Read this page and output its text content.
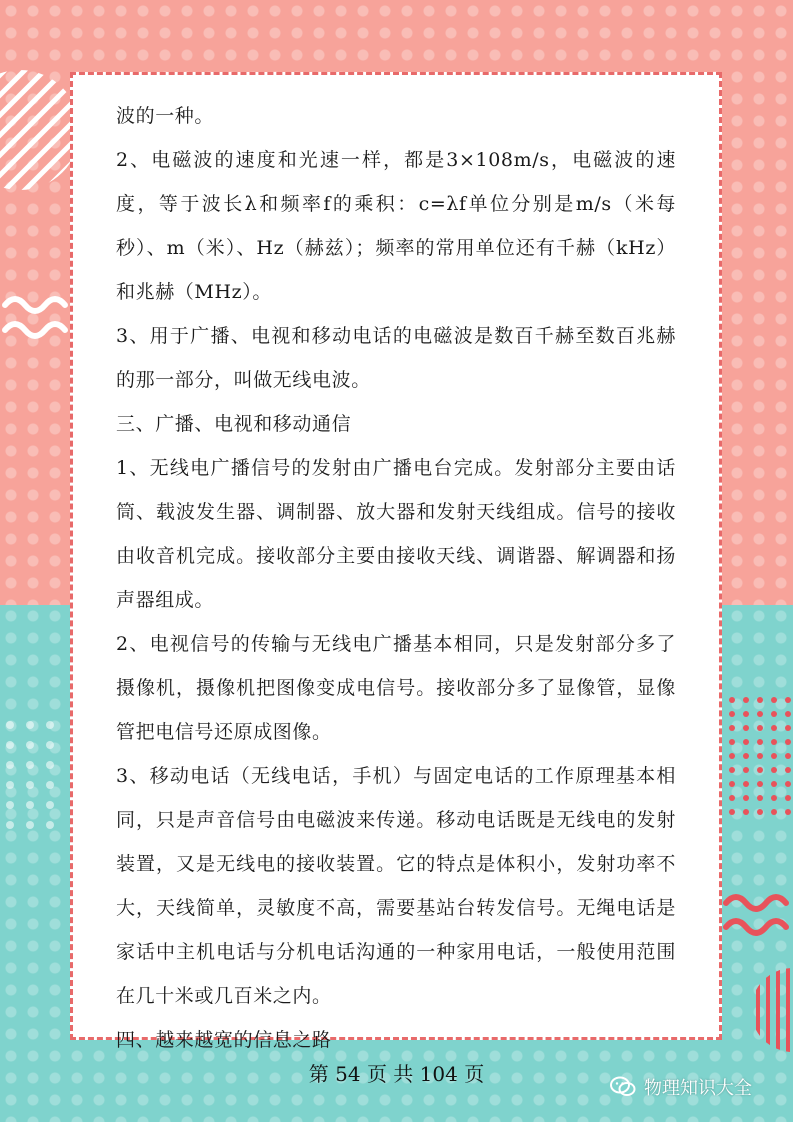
波的一种。

2、电磁波的速度和光速一样，都是3×108m/s，电磁波的速度，等于波长λ和频率f的乘积：c=λf单位分别是m/s（米每秒）、m（米）、Hz（赫兹）；频率的常用单位还有千赫（kHz）和兆赫（MHz）。

3、用于广播、电视和移动电话的电磁波是数百千赫至数百兆赫的那一部分，叫做无线电波。

三、广播、电视和移动通信

1、无线电广播信号的发射由广播电台完成。发射部分主要由话筒、载波发生器、调制器、放大器和发射天线组成。信号的接收由收音机完成。接收部分主要由接收天线、调谐器、解调器和扬声器组成。

2、电视信号的传输与无线电广播基本相同，只是发射部分多了摄像机，摄像机把图像变成电信号。接收部分多了显像管，显像管把电信号还原成图像。

3、移动电话（无线电话，手机）与固定电话的工作原理基本相同，只是声音信号由电磁波来传递。移动电话既是无线电的发射装置，又是无线电的接收装置。它的特点是体积小，发射功率不大，天线简单，灵敏度不高，需要基站台转发信号。无绳电话是家话中主机电话与分机电话沟通的一种家用电话，一般使用范围在几十米或几百米之内。

四、越来越宽的信息之路

第 54 页 共 104 页
物理知识大全
